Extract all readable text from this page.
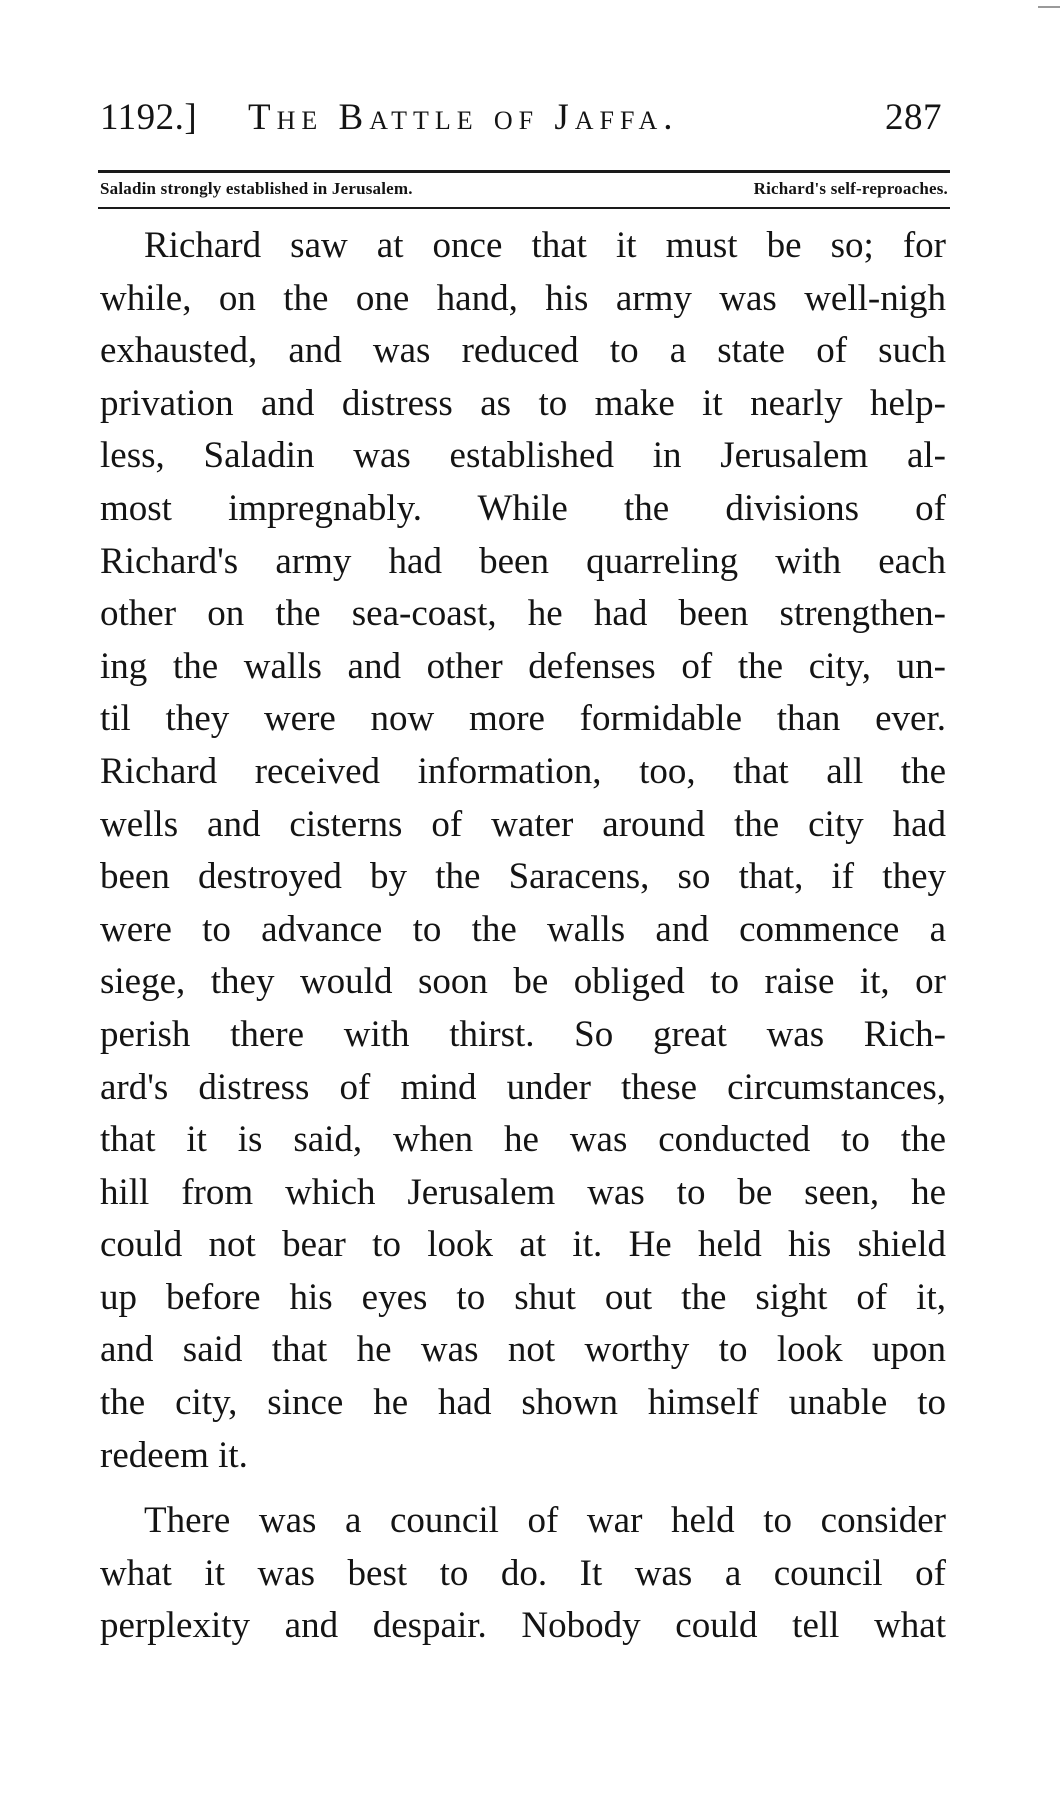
1192.] The Battle of Jaffa.	287
Saladin strongly established in Jerusalem.	Richard's self-reproaches.
Richard saw at once that it must be so; for
while, on the one hand, his army was well-nigh
exhausted, and was reduced to a state of such
privation and distress as to make it nearly help-
less, Saladin was established in Jerusalem al-
most impregnably. While the divisions of
Richard's army had been quarreling with each
other on the sea-coast, he had been strengthen-
ing the walls and other defenses of the city, un-
til they were now more formidable than ever.
Richard received information, too, that all the
wells and cisterns of water around the city had
been destroyed by the Saracens, so that, if they
were to advance to the walls and commence a
siege, they would soon be obliged to raise it, or
perish there with thirst. So great was Rich-
ard's distress of mind under these circumstances,
that it is said, when he was conducted to the
hill from which Jerusalem was to be seen, he
could not bear to look at it. He held his shield
up before his eyes to shut out the sight of it,
and said that he was not worthy to look upon
the city, since he had shown himself unable to
redeem it.
There was a council of war held to consider
what it was best to do. It was a council of
perplexity and despair. Nobody could tell what
